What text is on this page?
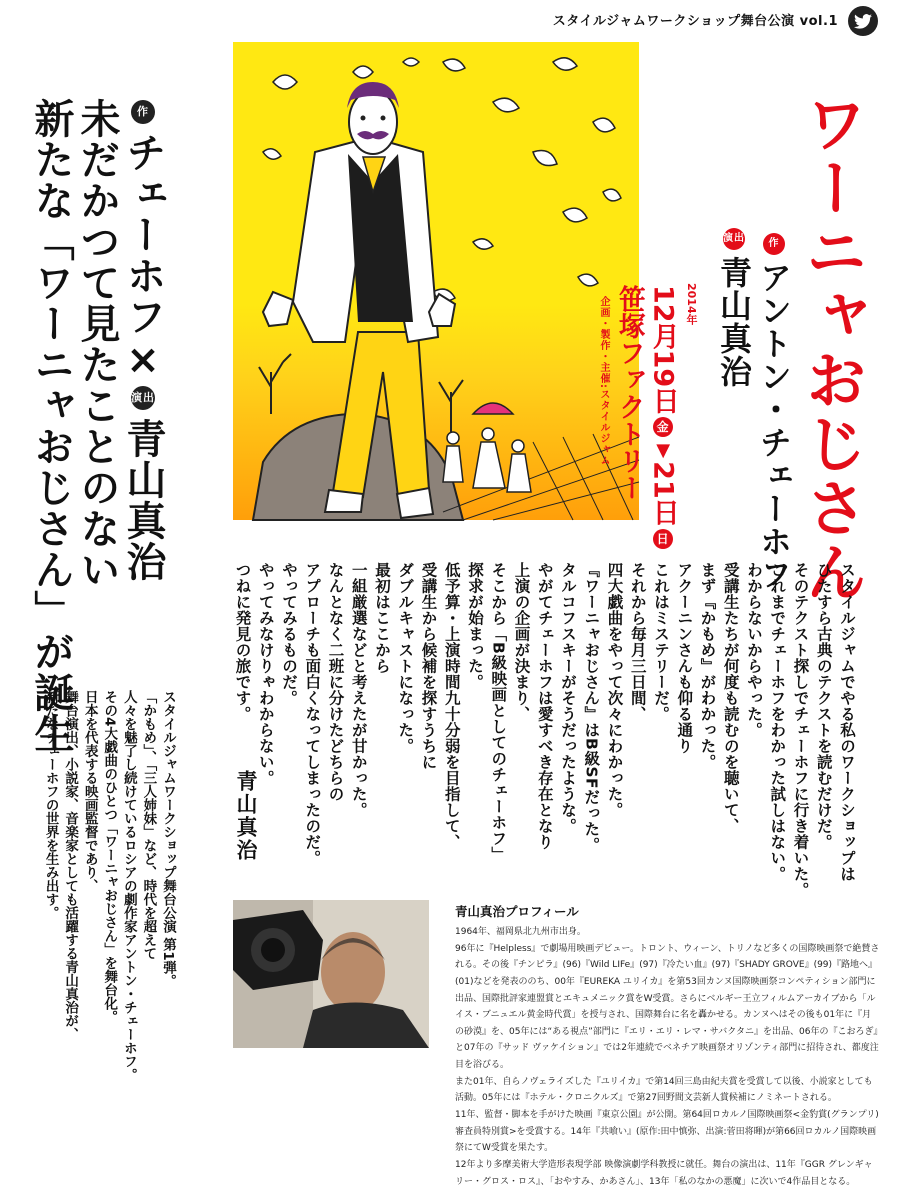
スタイルジャムワークショップ舞台公演 vol.1
作チェーホフ×演出青山真治
未だかつて見たことのない
新たな「ワーニャおじさん」が誕生

スタイルジャムワークショップ舞台公演 第1弾。

「かもめ」、「三人姉妹」など、時代を超えて

人々を魅了し続けているロシアの劇作家アントン・チェーホフ。

その4大戯曲のひとつ「ワーニャおじさん」を舞台化。

日本を代表する映画監督であり、

舞台演出、小説家、音楽家としても活躍する青山真治が、

新たなチェーホフの世界を生み出す。

ワーニャおじさん
作アントン・チェーホフ
演出青山真治
2014年
12月19日金▼21日日
笹塚ファクトリー
企画・製作・主催:スタイルジャム

スタイルジャムでやる私のワークショップは

ひたすら古典のテクストを読むだけだ。

そのテクスト探しでチェーホフに行き着いた。

これまでチェーホフをわかった試しはない。

わからないからやった。

受講生たちが何度も読むのを聴いて、

まず『かもめ』がわかった。

アクーニンさんも仰る通り

これはミステリーだ。

それから毎月三日間、

四大戯曲をやって次々にわかった。

『ワーニャおじさん』はB級SFだった。

タルコフスキーがそうだったような。

やがてチェーホフは愛すべき存在となり

上演の企画が決まり、

そこから「B級映画としてのチェーホフ」

探求が始まった。

低予算・上演時間九十分弱を目指して、

受講生から候補を探すうちに

ダブルキャストになった。

最初はここから

一組厳選などと考えたが甘かった。

なんとなく二班に分けたどちらの

アプローチも面白くなってしまったのだ。

やってみるものだ。

やってみなけりゃわからない。

つねに発見の旅です。

青山真治
青山真治プロフィール

1964年、福岡県北九州市出身。

96年に『Helpless』で劇場用映画デビュー。トロント、ウィーン、トリノなど多くの国際映画祭で絶賛される。その後『チンピラ』(96)『Wild LIFe』(97)『冷たい血』(97)『SHADY GROVE』(99)『路地へ』(01)などを発表ののち、00年『EUREKA ユリイカ』を第53回カンヌ国際映画祭コンペティション部門に出品、国際批評家連盟賞とエキュメニック賞をW受賞。さらにベルギー王立フィルムアーカイブから「ルイス・ブニュエル黄金時代賞」を授与され、国際舞台に名を轟かせる。カンヌへはその後も01年に『月の砂漠』を、05年には“ある視点”部門に『エリ・エリ・レマ・サバクタニ』を出品、06年の『こおろぎ』と07年の『サッド ヴァケイション』では2年連続でベネチア映画祭オリゾンティ部門に招待され、都度注目を浴びる。

また01年、自らノヴェライズした『ユリイカ』で第14回三島由紀夫賞を受賞して以後、小説家としても活動。05年には『ホテル・クロニクルズ』で第27回野間文芸新人賞候補にノミネートされる。

11年、監督・脚本を手がけた映画『東京公園』が公開。第64回ロカルノ国際映画祭<金豹賞(グランプリ)審査員特別賞>を受賞する。14年『共喰い』(原作:田中慎弥、出演:菅田将暉)が第66回ロカルノ国際映画祭にてW受賞を果たす。

12年より多摩美術大学造形表現学部 映像演劇学科教授に就任。舞台の演出は、11年『GGR グレンギャリー・グロス・ロス』、「おやすみ、かあさん」、13年「私のなかの悪魔」に次いで4作品目となる。
